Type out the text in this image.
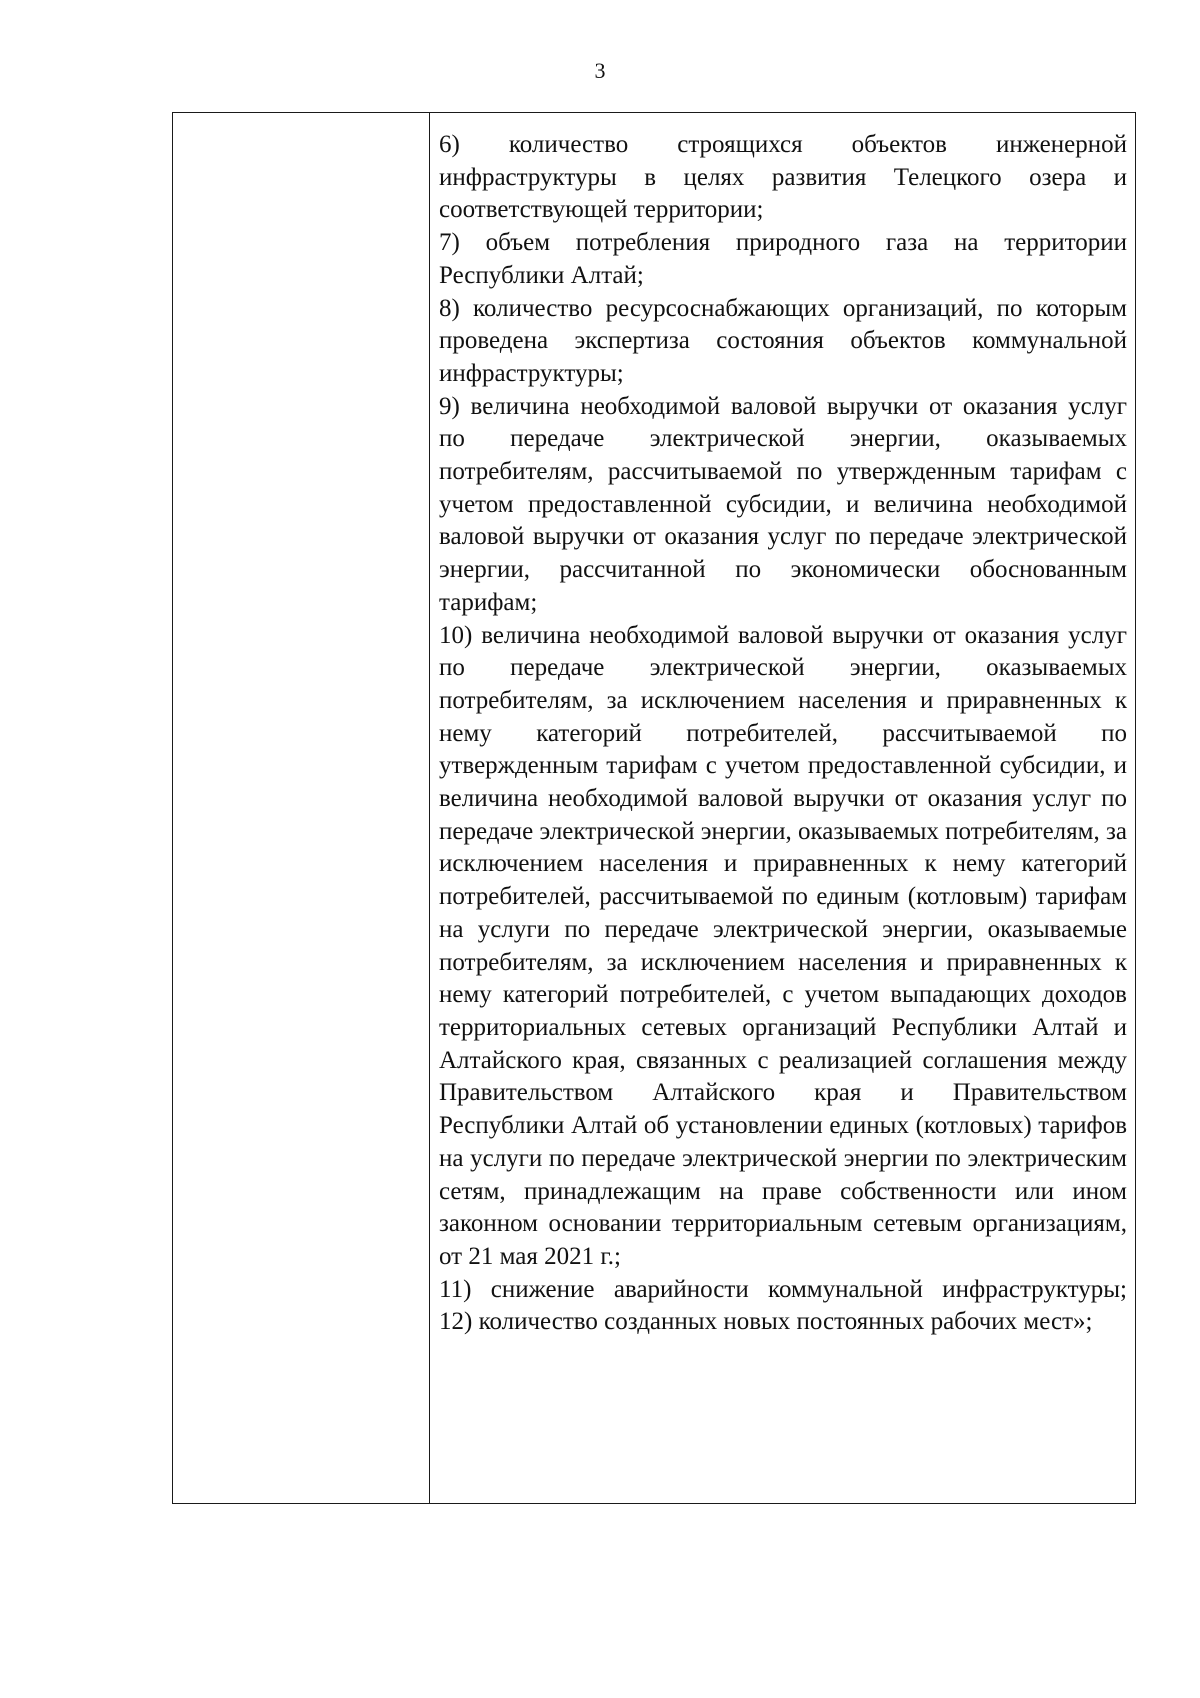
3

6) количество строящихся объектов инженерной инфраструктуры в целях развития Телецкого озера и соответствующей территории;

7) объем потребления природного газа на территории Республики Алтай;

8) количество ресурсоснабжающих организаций, по которым проведена экспертиза состояния объектов коммунальной инфраструктуры;

9) величина необходимой валовой выручки от оказания услуг по передаче электрической энергии, оказываемых потребителям, рассчитываемой по утвержденным тарифам с учетом предоставленной субсидии, и величина необходимой валовой выручки от оказания услуг по передаче электрической энергии, рассчитанной по экономически обоснованным тарифам;

10) величина необходимой валовой выручки от оказания услуг по передаче электрической энергии, оказываемых потребителям, за исключением населения и приравненных к нему категорий потребителей, рассчитываемой по утвержденным тарифам с учетом предоставленной субсидии, и величина необходимой валовой выручки от оказания услуг по передаче электрической энергии, оказываемых потребителям, за исключением населения и приравненных к нему категорий потребителей, рассчитываемой по единым (котловым) тарифам на услуги по передаче электрической энергии, оказываемые потребителям, за исключением населения и приравненных к нему категорий потребителей, с учетом выпадающих доходов территориальных сетевых организаций Республики Алтай и Алтайского края, связанных с реализацией соглашения между Правительством Алтайского края и Правительством Республики Алтай об установлении единых (котловых) тарифов на услуги по передаче электрической энергии по электрическим сетям, принадлежащим на праве собственности или ином законном основании территориальным сетевым организациям, от 21 мая 2021 г.;

11) снижение аварийности коммунальной инфраструктуры;

12) количество созданных новых постоянных рабочих мест»;
